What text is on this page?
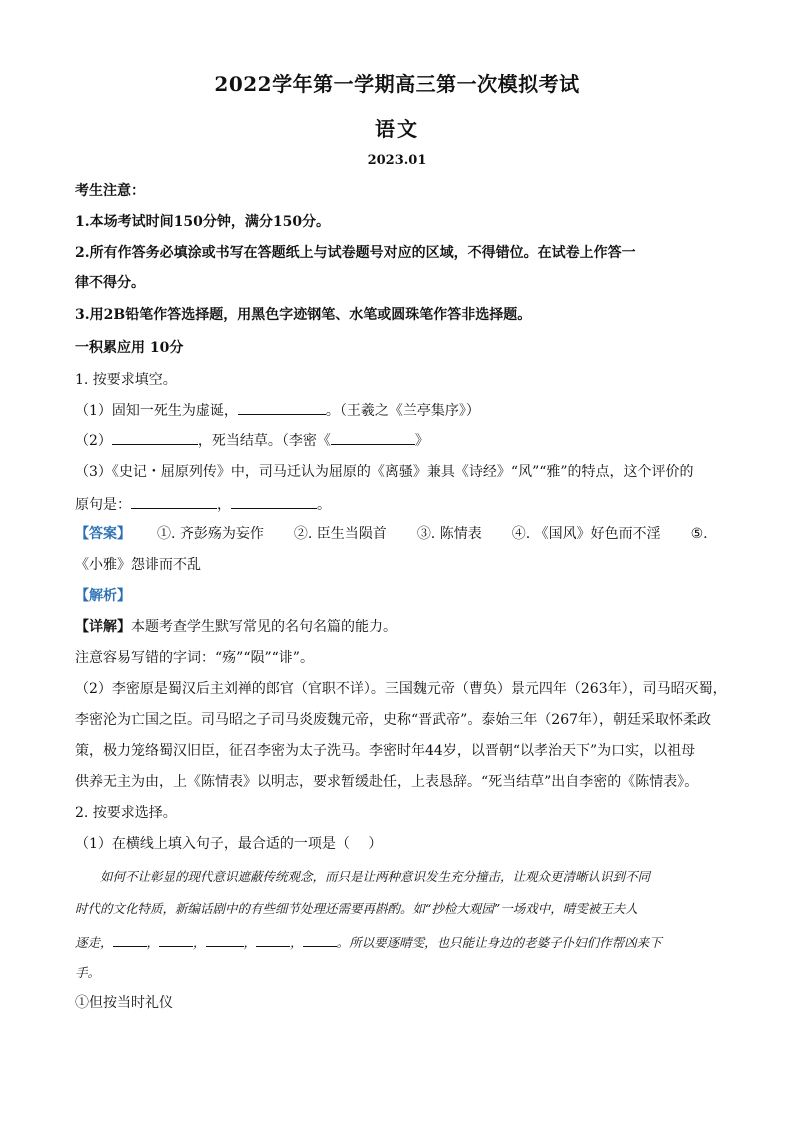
2022学年第一学期高三第一次模拟考试
语文
2023.01
考生注意：
1.本场考试时间150分钟，满分150分。
2.所有作答务必填涂或书写在答题纸上与试卷题号对应的区域，不得错位。在试卷上作答一
律不得分。
3.用2B铅笔作答选择题，用黑色字迹钢笔、水笔或圆珠笔作答非选择题。
一积累应用 10分
1. 按要求填空。
（1）固知一死生为虚诞，	。（王羲之《兰亭集序》）
（2）	，死当结草。（李密《	》
（3）《史记・屈原列传》中，司马迁认为屈原的《离骚》兼具《诗经》“风”“雅”的特点，这个评价的
原句是：	，	。
【答案】 ①. 齐彭殇为妄作 ②. 臣生当陨首 ③. 陈情表 ④. 《国风》好色而不淫 ⑤.
《小雅》怨诽而不乱
【解析】
【详解】本题考查学生默写常见的名句名篇的能力。
注意容易写错的字词：“殇”“陨”“诽”。
（2）李密原是蜀汉后主刘禅的郎官（官职不详）。三国魏元帝（曹奂）景元四年（263年），司马昭灭蜀，
李密沦为亡国之臣。司马昭之子司马炎废魏元帝，史称“晋武帝”。泰始三年（267年），朝廷采取怀柔政
策，极力笼络蜀汉旧臣，征召李密为太子洗马。李密时年44岁，以晋朝“以孝治天下”为口实，以祖母
供养无主为由，上《陈情表》以明志，要求暂缓赴任，上表恳辞。“死当结草”出自李密的《陈情表》。
2. 按要求选择。
（1）在横线上填入句子，最合适的一项是（　 ）
如何不让彰显的现代意识遮蔽传统观念，而只是让两种意识发生充分撞击，让观众更清晰认识到不同
时代的文化特质，新编话剧中的有些细节处理还需要再斟酌。如“抄检大观园”一场戏中，晴雯被王夫人
逐走，	，	，	，	，	。所以要逐晴雯，也只能让身边的老婆子仆妇们作帮凶来下
手。
①但按当时礼仪
